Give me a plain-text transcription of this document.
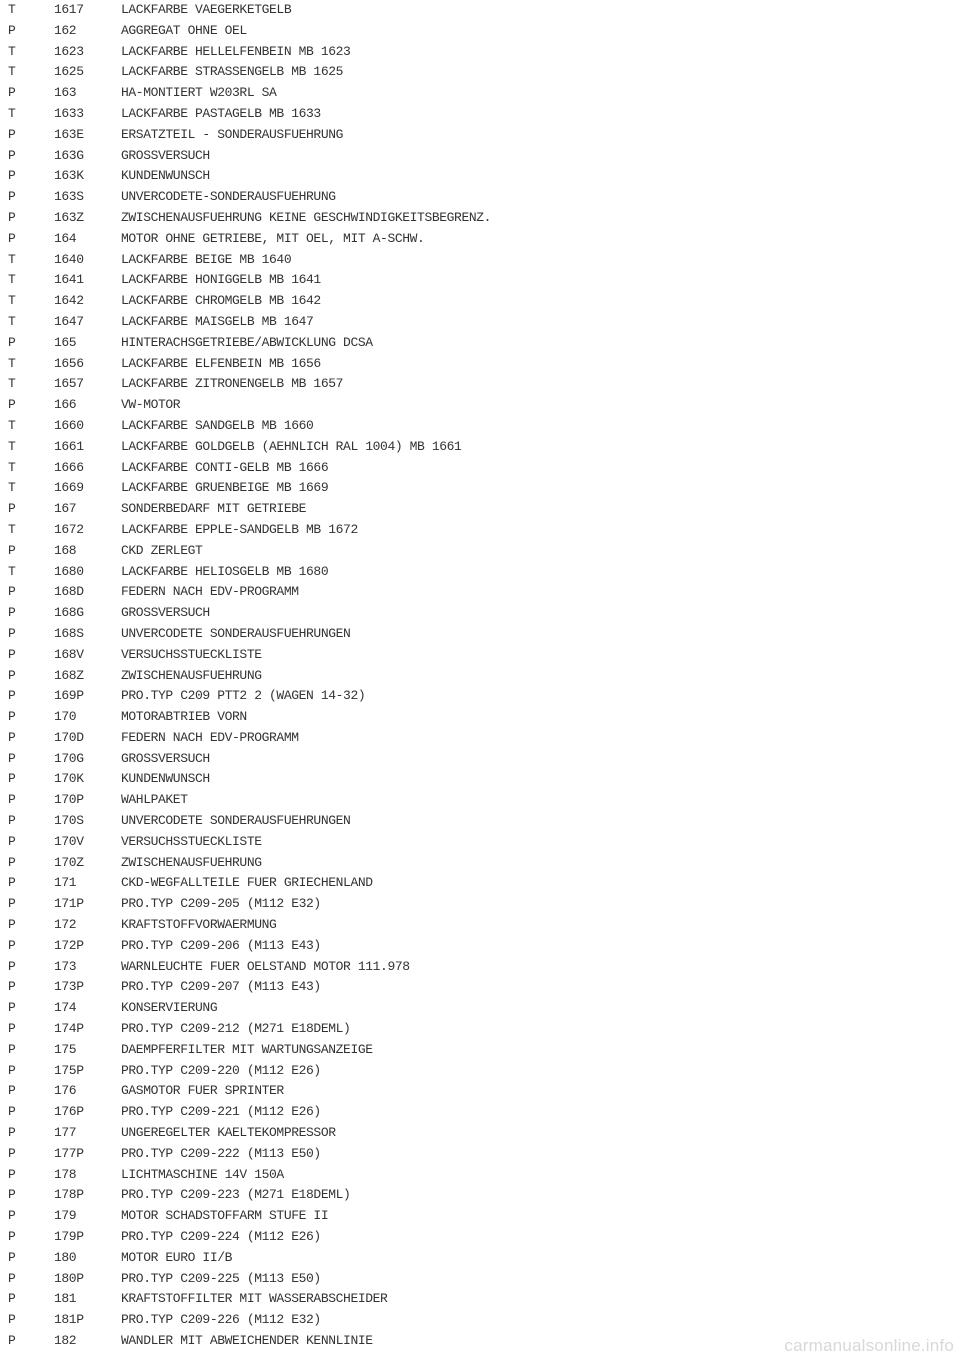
T	1617	LACKFARBE VAEGERKETGELB
P	162	AGGREGAT OHNE OEL
T	1623	LACKFARBE HELLELFENBEIN MB 1623
T	1625	LACKFARBE STRASSENGELB MB 1625
P	163	HA-MONTIERT W203RL SA
T	1633	LACKFARBE PASTAGELB MB 1633
P	163E	ERSATZTEIL - SONDERAUSFUEHRUNG
P	163G	GROSSVERSUCH
P	163K	KUNDENWUNSCH
P	163S	UNVERCODETE-SONDERAUSFUEHRUNG
P	163Z	ZWISCHENAUSFUEHRUNG KEINE GESCHWINDIGKEITSBEGRENZ.
P	164	MOTOR OHNE GETRIEBE, MIT OEL, MIT A-SCHW.
T	1640	LACKFARBE BEIGE MB 1640
T	1641	LACKFARBE HONIGGELB MB 1641
T	1642	LACKFARBE CHROMGELB MB 1642
T	1647	LACKFARBE MAISGELB MB 1647
P	165	HINTERACHSGETRIEBE/ABWICKLUNG DCSA
T	1656	LACKFARBE ELFENBEIN MB 1656
T	1657	LACKFARBE ZITRONENGELB MB 1657
P	166	VW-MOTOR
T	1660	LACKFARBE SANDGELB MB 1660
T	1661	LACKFARBE GOLDGELB (AEHNLICH RAL 1004) MB 1661
T	1666	LACKFARBE CONTI-GELB MB 1666
T	1669	LACKFARBE GRUENBEIGE MB 1669
P	167	SONDERBEDARF MIT GETRIEBE
T	1672	LACKFARBE EPPLE-SANDGELB MB 1672
P	168	CKD ZERLEGT
T	1680	LACKFARBE HELIOSGELB MB 1680
P	168D	FEDERN NACH EDV-PROGRAMM
P	168G	GROSSVERSUCH
P	168S	UNVERCODETE SONDERAUSFUEHRUNGEN
P	168V	VERSUCHSSTUECKLISTE
P	168Z	ZWISCHENAUSFUEHRUNG
P	169P	PRO.TYP C209 PTT2 2 (WAGEN 14-32)
P	170	MOTORABTRIEB VORN
P	170D	FEDERN NACH EDV-PROGRAMM
P	170G	GROSSVERSUCH
P	170K	KUNDENWUNSCH
P	170P	WAHLPAKET
P	170S	UNVERCODETE SONDERAUSFUEHRUNGEN
P	170V	VERSUCHSSTUECKLISTE
P	170Z	ZWISCHENAUSFUEHRUNG
P	171	CKD-WEGFALLTEILE FUER GRIECHENLAND
P	171P	PRO.TYP C209-205 (M112 E32)
P	172	KRAFTSTOFFVORWAERMUNG
P	172P	PRO.TYP C209-206 (M113 E43)
P	173	WARNLEUCHTE FUER OELSTAND MOTOR 111.978
P	173P	PRO.TYP C209-207 (M113 E43)
P	174	KONSERVIERUNG
P	174P	PRO.TYP C209-212 (M271 E18DEML)
P	175	DAEMPFERFILTER MIT WARTUNGSANZEIGE
P	175P	PRO.TYP C209-220 (M112 E26)
P	176	GASMOTOR FUER SPRINTER
P	176P	PRO.TYP C209-221 (M112 E26)
P	177	UNGEREGELTER KAELTEKOMPRESSOR
P	177P	PRO.TYP C209-222 (M113 E50)
P	178	LICHTMASCHINE 14V 150A
P	178P	PRO.TYP C209-223 (M271 E18DEML)
P	179	MOTOR SCHADSTOFFARM STUFE II
P	179P	PRO.TYP C209-224 (M112 E26)
P	180	MOTOR EURO II/B
P	180P	PRO.TYP C209-225 (M113 E50)
P	181	KRAFTSTOFFILTER MIT WASSERABSCHEIDER
P	181P	PRO.TYP C209-226 (M112 E32)
P	182	WANDLER MIT ABWEICHENDER KENNLINIE	carmanualsonline.info
